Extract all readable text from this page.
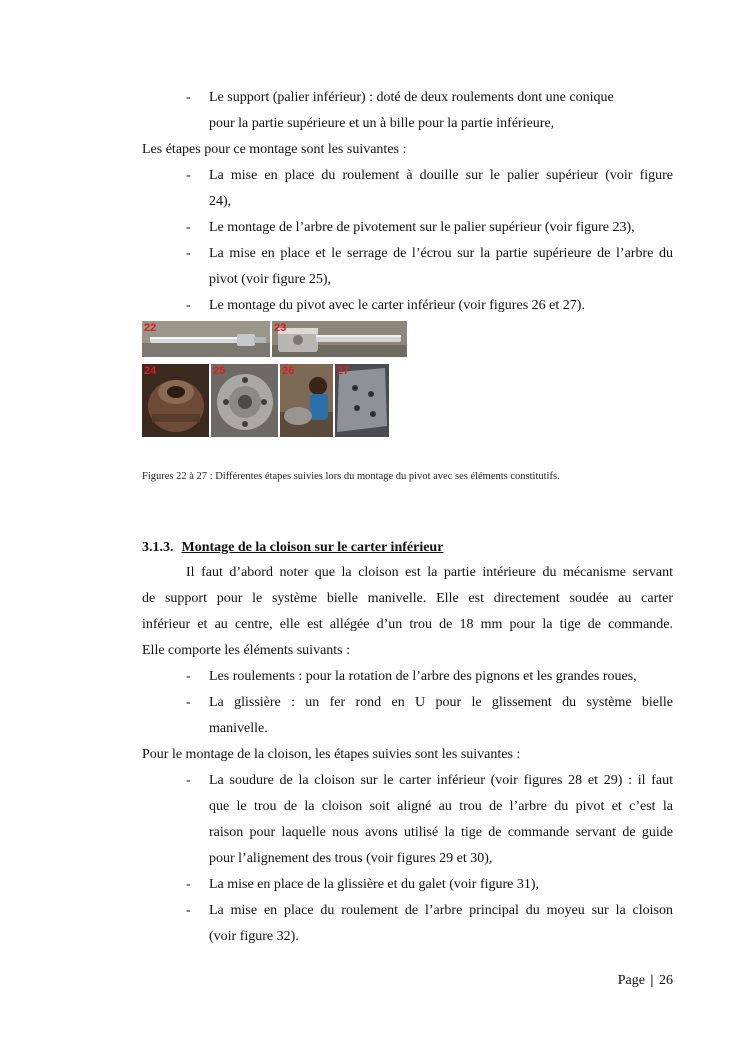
- Le support (palier inférieur) : doté de deux roulements dont une conique
pour la partie supérieure et un à bille pour la partie inférieure,
Les étapes pour ce montage sont les suivantes :
- La mise en place du roulement à douille sur le palier supérieur (voir figure
24),
- Le montage de l’arbre de pivotement sur le palier supérieur (voir figure 23),
- La mise en place et le serrage de l’écrou sur la partie supérieure de l’arbre du
pivot (voir figure 25),
- Le montage du pivot avec le carter inférieur (voir figures 26 et 27).
22	23
24	25	26	27
Figures 22 à 27 : Différentes étapes suivies lors du montage du pivot avec ses éléments constitutifs.
3.1.3. Montage de la cloison sur le carter inférieur
Il faut d’abord noter que la cloison est la partie intérieure du mécanisme servant
de support pour le système bielle manivelle. Elle est directement soudée au carter
inférieur et au centre, elle est allégée d’un trou de 18 mm pour la tige de commande.
Elle comporte les éléments suivants :
- Les roulements : pour la rotation de l’arbre des pignons et les grandes roues,
- La glissière : un fer rond en U pour le glissement du système bielle
manivelle.
Pour le montage de la cloison, les étapes suivies sont les suivantes :
- La soudure de la cloison sur le carter inférieur (voir figures 28 et 29) : il faut
que le trou de la cloison soit aligné au trou de l’arbre du pivot et c’est la
raison pour laquelle nous avons utilisé la tige de commande servant de guide
pour l’alignement des trous (voir figures 29 et 30),
- La mise en place de la glissière et du galet (voir figure 31),
- La mise en place du roulement de l’arbre principal du moyeu sur la cloison
(voir figure 32).
Page | 26
